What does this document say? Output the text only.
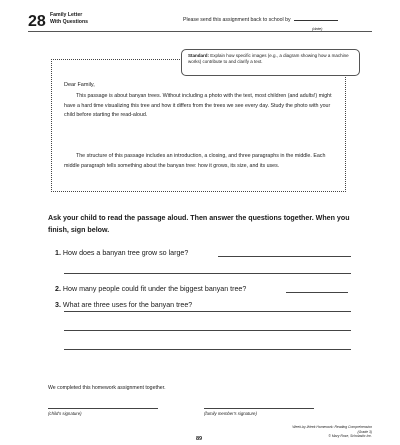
28 Family Letter
With Questions	Please send this assignment back to school by
(date)
Standard: Explain how specific images (e.g., a diagram showing how a machine works) contribute to and clarify a text.
Dear Family,
This passage is about banyan trees. Without including a photo with the text, most children (and adults!) might have a hard time visualizing this tree and how it differs from the trees we see every day. Study the photo with your child before starting the read-aloud.
The structure of this passage includes an introduction, a closing, and three paragraphs in the middle. Each middle paragraph tells something about the banyan tree: how it grows, its size, and its uses.
Ask your child to read the passage aloud. Then answer the questions together. When you finish, sign below.
1. How does a banyan tree grow so large?
2. How many people could fit under the biggest banyan tree?
3. What are three uses for the banyan tree?
We completed this homework assignment together.
(child's signature)	(family member's signature)
89
Week-by-Week Homework: Reading Comprehension (Grade 3)
© Mary Rose, Scholastic Inc.
